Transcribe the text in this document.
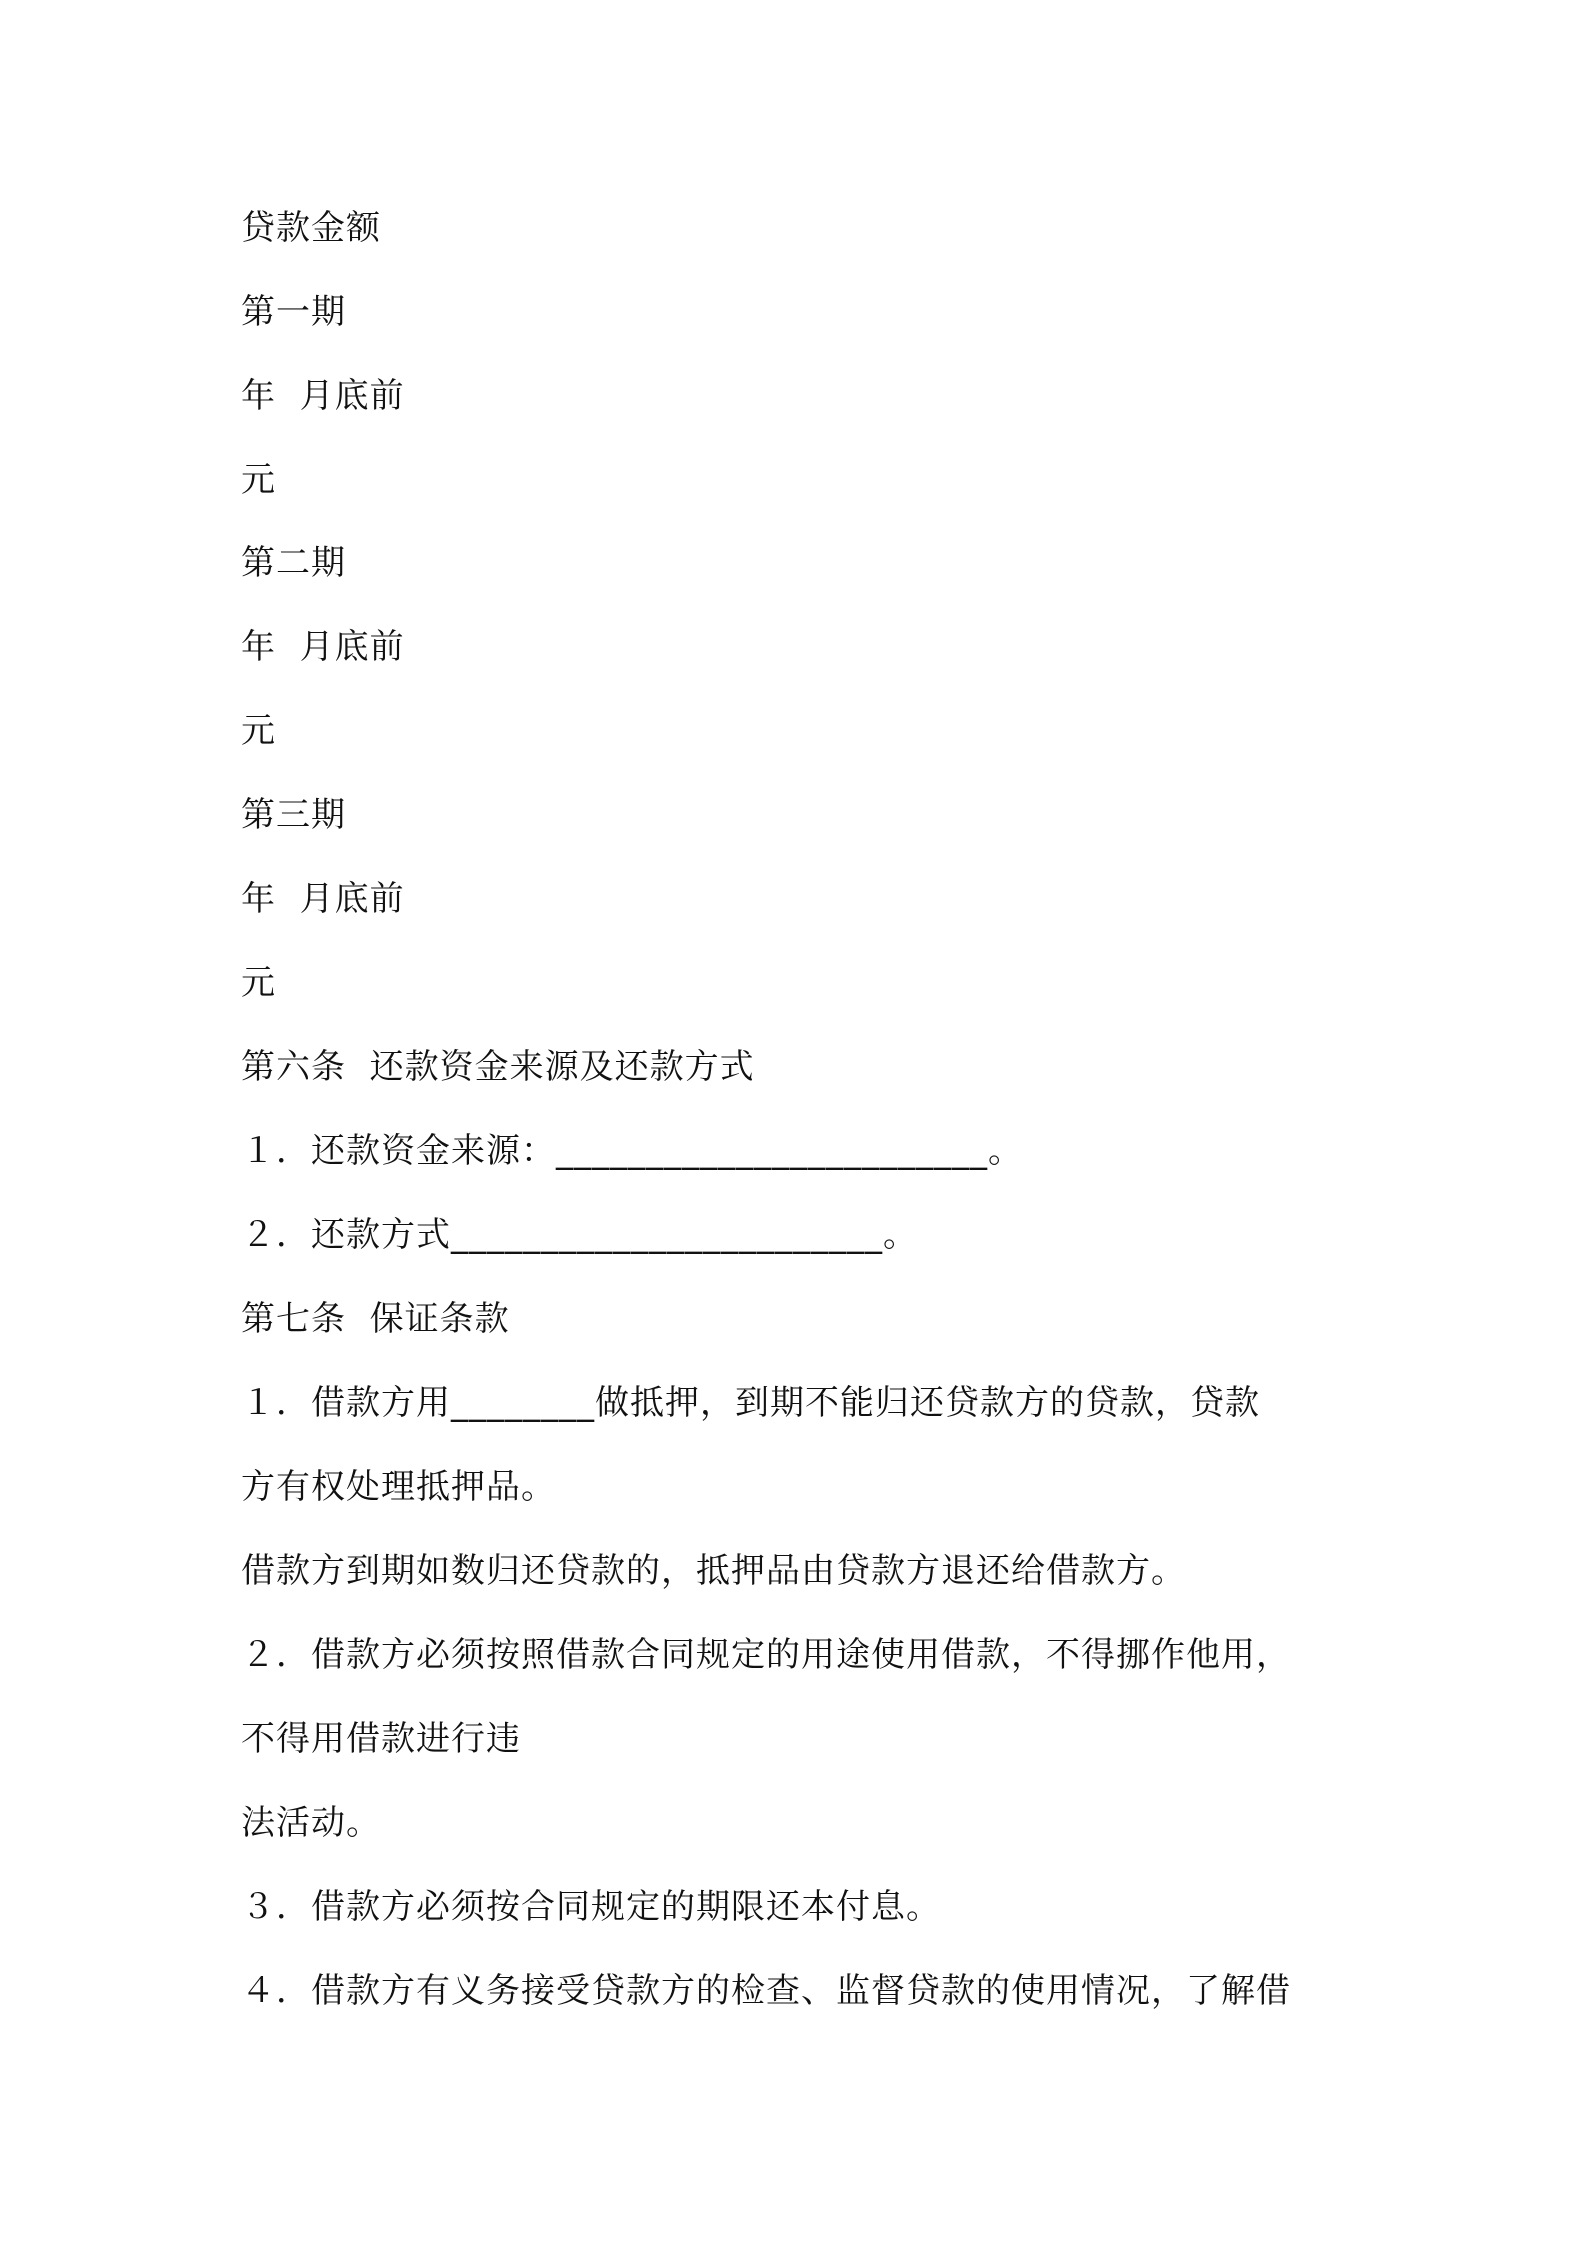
贷款金额
第一期
年  月底前
元
第二期
年  月底前
元
第三期
年  月底前
元
第六条  还款资金来源及还款方式
１．还款资金来源：________________________。
２．还款方式________________________。
第七条  保证条款
１．借款方用________做抵押，到期不能归还贷款方的贷款，贷款
方有权处理抵押品。
借款方到期如数归还贷款的，抵押品由贷款方退还给借款方。
２．借款方必须按照借款合同规定的用途使用借款，不得挪作他用，
不得用借款进行违
法活动。
３．借款方必须按合同规定的期限还本付息。
４．借款方有义务接受贷款方的检查、监督贷款的使用情况，了解借
